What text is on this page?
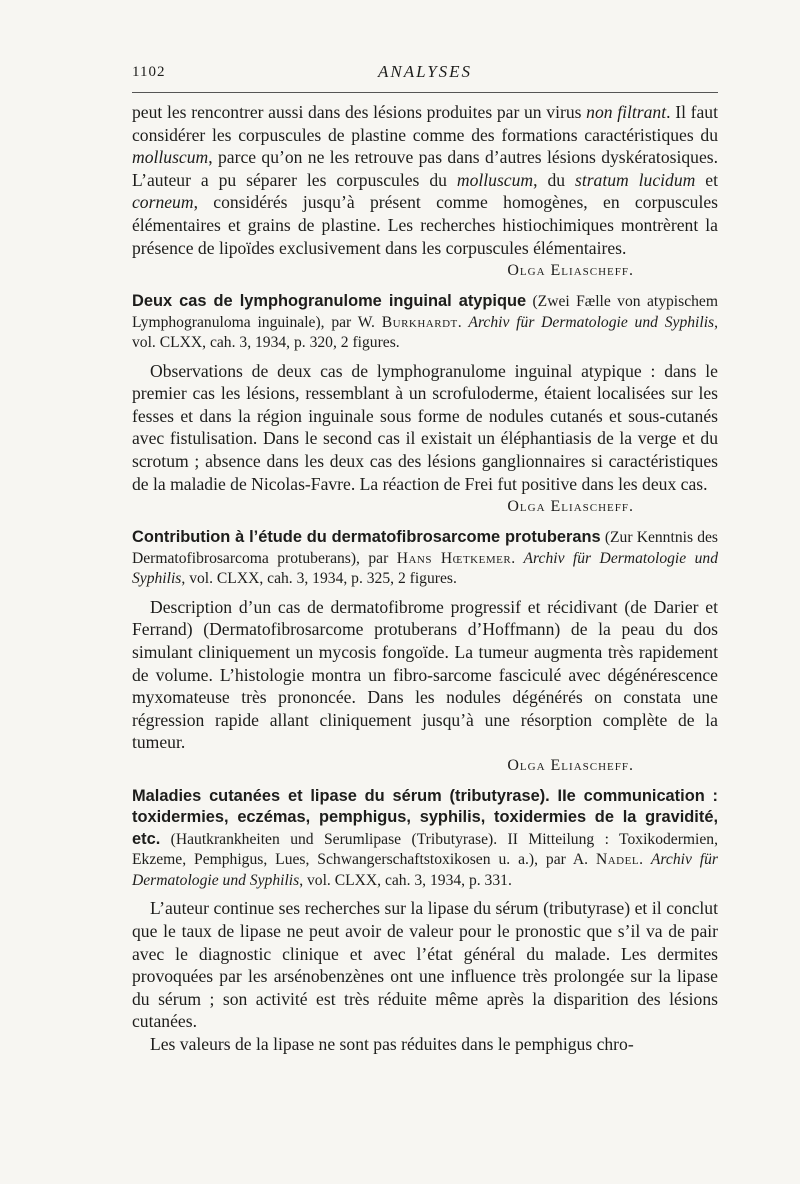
1102	ANALYSES

peut les rencontrer aussi dans des lésions produites par un virus non filtrant. Il faut considérer les corpuscules de plastine comme des formations caractéristiques du molluscum, parce qu’on ne les retrouve pas dans d’autres lésions dyskératosiques. L’auteur a pu séparer les corpuscules du molluscum, du stratum lucidum et corneum, considérés jusqu’à présent comme homogènes, en corpuscules élémentaires et grains de plastine. Les recherches histiochimiques montrèrent la présence de lipoïdes exclusivement dans les corpuscules élémentaires.

Olga Eliascheff.

Deux cas de lymphogranulome inguinal atypique (Zwei Fælle von atypischem Lymphogranuloma inguinale), par W. Burkhardt. Archiv für Dermatologie und Syphilis, vol. CLXX, cah. 3, 1934, p. 320, 2 figures.

Observations de deux cas de lymphogranulome inguinal atypique : dans le premier cas les lésions, ressemblant à un scrofuloderme, étaient localisées sur les fesses et dans la région inguinale sous forme de nodules cutanés et sous-cutanés avec fistulisation. Dans le second cas il existait un éléphantiasis de la verge et du scrotum ; absence dans les deux cas des lésions ganglionnaires si caractéristiques de la maladie de Nicolas-Favre. La réaction de Frei fut positive dans les deux cas.

Olga Eliascheff.

Contribution à l’étude du dermatofibrosarcome protuberans (Zur Kenntnis des Dermatofibrosarcoma protuberans), par Hans Hœtkemer. Archiv für Dermatologie und Syphilis, vol. CLXX, cah. 3, 1934, p. 325, 2 figures.

Description d’un cas de dermatofibrome progressif et récidivant (de Darier et Ferrand) (Dermatofibrosarcome protuberans d’Hoffmann) de la peau du dos simulant cliniquement un mycosis fongoïde. La tumeur augmenta très rapidement de volume. L’histologie montra un fibro-sarcome fasciculé avec dégénérescence myxomateuse très prononcée. Dans les nodules dégénérés on constata une régression rapide allant cliniquement jusqu’à une résorption complète de la tumeur.

Olga Eliascheff.

Maladies cutanées et lipase du sérum (tributyrase). IIe communication : toxidermies, eczémas, pemphigus, syphilis, toxidermies de la gravidité, etc. (Hautkrankheiten und Serumlipase (Tributyrase). II Mitteilung : Toxikodermien, Ekzeme, Pemphigus, Lues, Schwangerschaftstoxikosen u. a.), par A. Nadel. Archiv für Dermatologie und Syphilis, vol. CLXX, cah. 3, 1934, p. 331.

L’auteur continue ses recherches sur la lipase du sérum (tributyrase) et il conclut que le taux de lipase ne peut avoir de valeur pour le pronostic que s’il va de pair avec le diagnostic clinique et avec l’état général du malade. Les dermites provoquées par les arsénobenzènes ont une influence très prolongée sur la lipase du sérum ; son activité est très réduite même après la disparition des lésions cutanées.

Les valeurs de la lipase ne sont pas réduites dans le pemphigus chro-
